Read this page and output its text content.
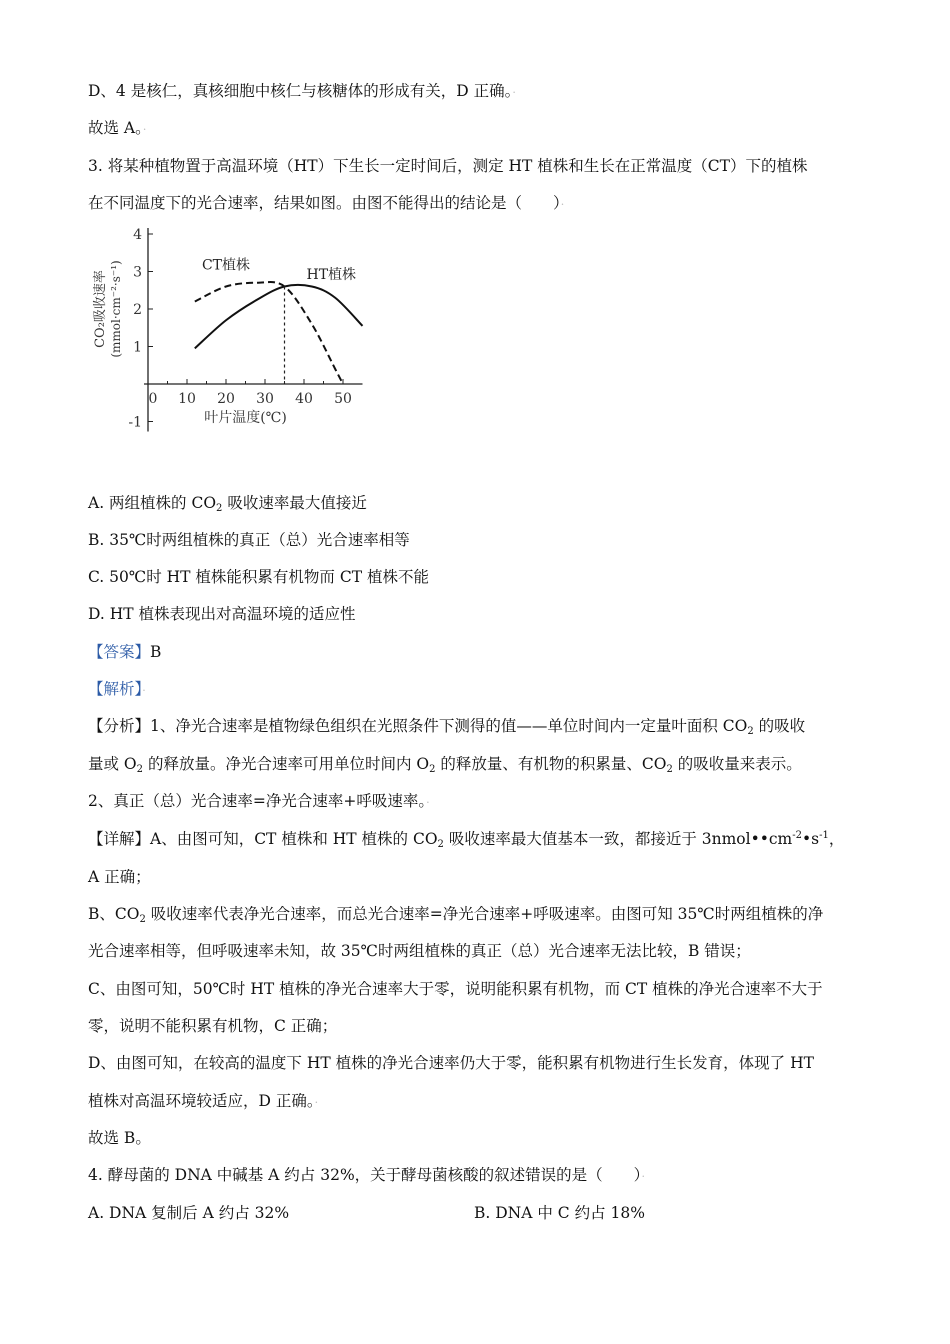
D、4 是核仁，真核细胞中核仁与核糖体的形成有关，D 正确。·
故选 A。·
3. 将某种植物置于高温环境（HT）下生长一定时间后，测定 HT 植株和生长在正常温度（CT）下的植株
在不同温度下的光合速率，结果如图。由图不能得出的结论是（　　）·
0 10 20 30 40 50
4
3
2
1
-1	叶片温度(℃)
CO₂吸收速率 (mmol·cm⁻²·s⁻¹)	CT植株
HT植株
A. 两组植株的 $CO_2$ 吸收速率最大值接近
B. 35℃时两组植株的真正（总）光合速率相等
C. 50℃时 HT 植株能积累有机物而 CT 植株不能
D. HT 植株表现出对高温环境的适应性
【答案】B
【解析】·
【分析】1、净光合速率是植物绿色组织在光照条件下测得的值——单位时间内一定量叶面积 $CO_2$ 的吸收
量或 $O_2$ 的释放量。净光合速率可用单位时间内 $O_2$ 的释放量、有机物的积累量、$CO_2$ 的吸收量来表示。
2、真正（总）光合速率=净光合速率+呼吸速率。·
【详解】A、由图可知，CT 植株和 HT 植株的 $CO_2$ 吸收速率最大值基本一致，都接近于 $3nmol••cm^{-2}•s^{-1}$，
A 正确；
B、$CO_2$ 吸收速率代表净光合速率，而总光合速率=净光合速率+呼吸速率。由图可知 35℃时两组植株的净
光合速率相等，但呼吸速率未知，故 35℃时两组植株的真正（总）光合速率无法比较，B 错误；
C、由图可知，50℃时 HT 植株的净光合速率大于零，说明能积累有机物，而 CT 植株的净光合速率不大于
零，说明不能积累有机物，C 正确；
D、由图可知，在较高的温度下 HT 植株的净光合速率仍大于零，能积累有机物进行生长发育，体现了 HT
植株对高温环境较适应，D 正确。·
故选 B。
4. 酵母菌的 DNA 中碱基 A 约占 32%，关于酵母菌核酸的叙述错误的是（　　）·
A. DNA 复制后 A 约占 32%	B. DNA 中 C 约占 18%
